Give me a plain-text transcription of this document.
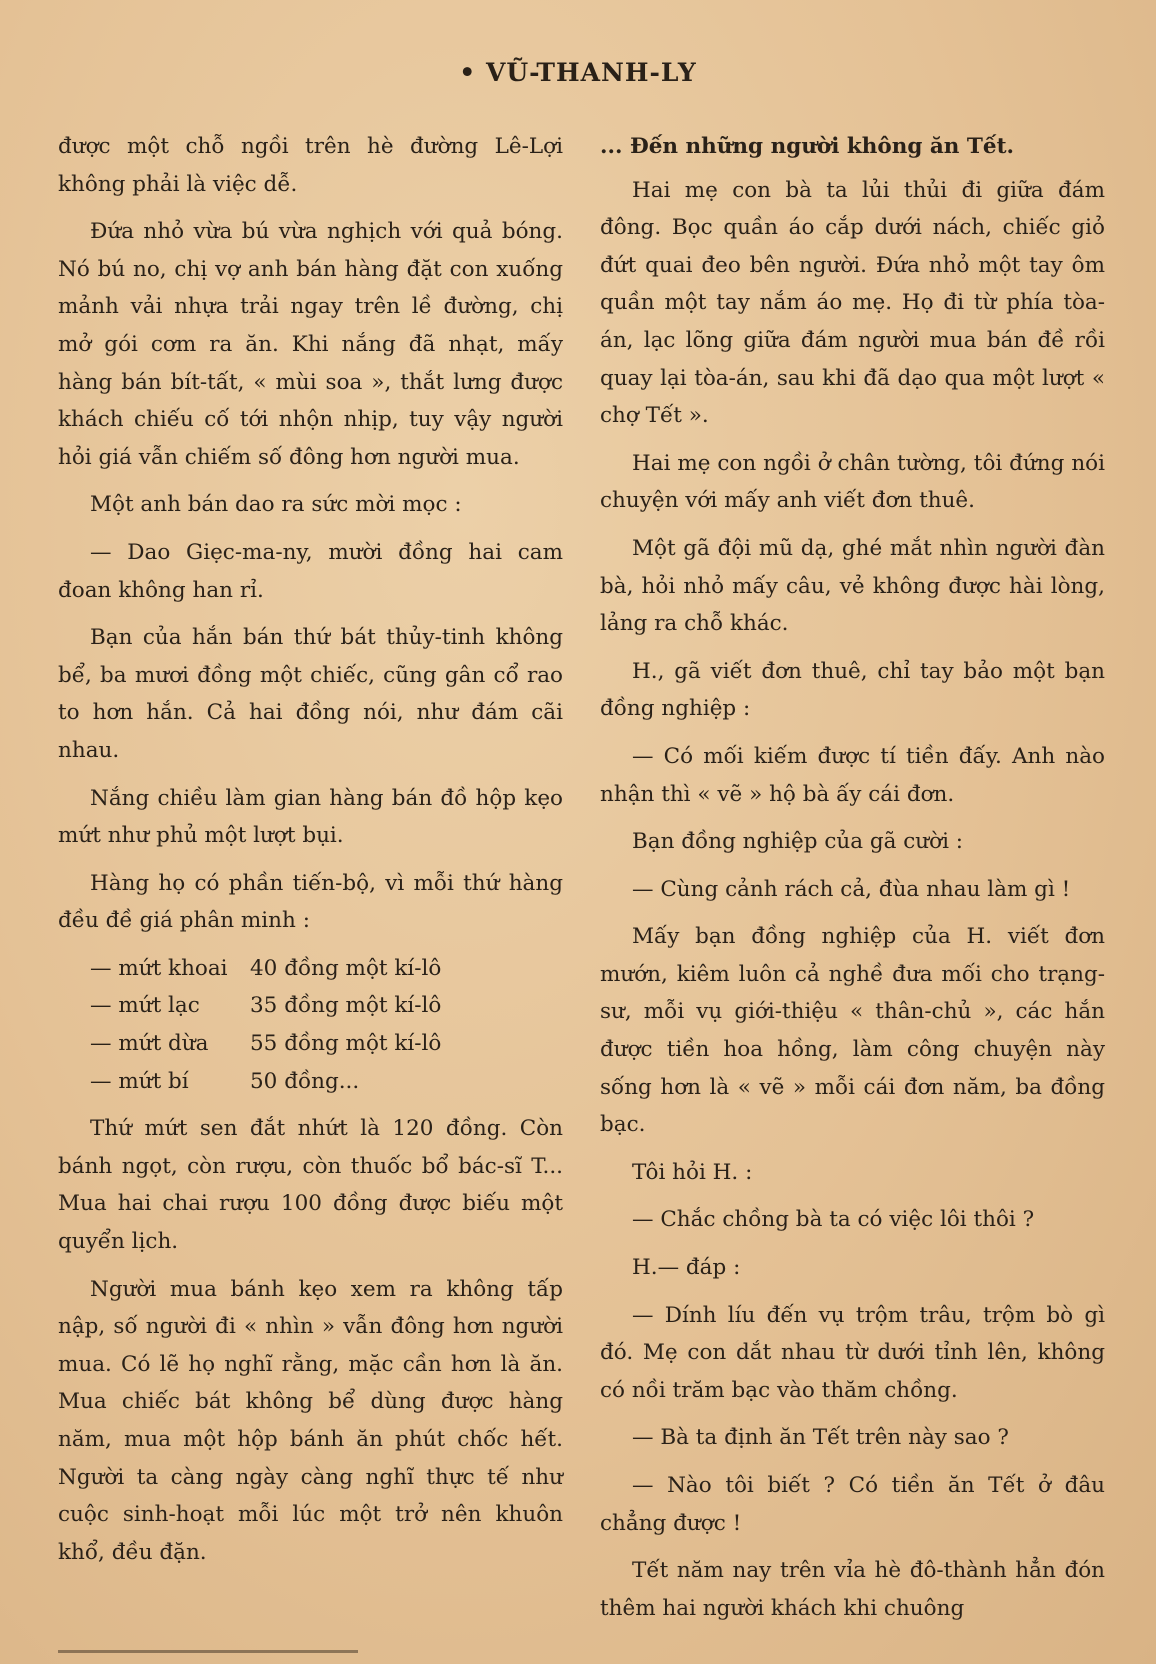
• VŨ-THANH-LY

được một chỗ ngồi trên hè đường Lê-Lợi không phải là việc dễ.

Đứa nhỏ vừa bú vừa nghịch với quả bóng. Nó bú no, chị vợ anh bán hàng đặt con xuống mảnh vải nhựa trải ngay trên lề đường, chị mở gói cơm ra ăn. Khi nắng đã nhạt, mấy hàng bán bít-tất, « mùi soa », thắt lưng được khách chiếu cố tới nhộn nhịp, tuy vậy người hỏi giá vẫn chiếm số đông hơn người mua.

Một anh bán dao ra sức mời mọc :

— Dao Giẹc-ma-ny, mười đồng hai cam đoan không han rỉ.

Bạn của hắn bán thứ bát thủy-tinh không bể, ba mươi đồng một chiếc, cũng gân cổ rao to hơn hắn. Cả hai đồng nói, như đám cãi nhau.

Nắng chiều làm gian hàng bán đồ hộp kẹo mứt như phủ một lượt bụi.

Hàng họ có phần tiến-bộ, vì mỗi thứ hàng đều đề giá phân minh :

— mứt khoai 40 đồng một kí-lô

— mứt lạc 35 đồng một kí-lô

— mứt dừa 55 đồng một kí-lô

— mứt bí	50 đồng...

Thứ mứt sen đắt nhứt là 120 đồng. Còn bánh ngọt, còn rượu, còn thuốc bổ bác-sĩ T... Mua hai chai rượu 100 đồng được biếu một quyển lịch.

Người mua bánh kẹo xem ra không tấp nập, số người đi « nhìn » vẫn đông hơn người mua. Có lẽ họ nghĩ rằng, mặc cần hơn là ăn. Mua chiếc bát không bể dùng được hàng năm, mua một hộp bánh ăn phút chốc hết. Người ta càng ngày càng nghĩ thực tế như cuộc sinh-hoạt mỗi lúc một trở nên khuôn khổ, đều đặn.

... Đến những người không ăn Tết.

Hai mẹ con bà ta lủi thủi đi giữa đám đông. Bọc quần áo cắp dưới nách, chiếc giỏ đứt quai đeo bên người. Đứa nhỏ một tay ôm quần một tay nắm áo mẹ. Họ đi từ phía tòa-án, lạc lõng giữa đám người mua bán đề rồi quay lại tòa-án, sau khi đã dạo qua một lượt « chợ Tết ».

Hai mẹ con ngồi ở chân tường, tôi đứng nói chuyện với mấy anh viết đơn thuê.

Một gã đội mũ dạ, ghé mắt nhìn người đàn bà, hỏi nhỏ mấy câu, vẻ không được hài lòng, lảng ra chỗ khác.

H., gã viết đơn thuê, chỉ tay bảo một bạn đồng nghiệp :

— Có mối kiếm được tí tiền đấy. Anh nào nhận thì « vẽ » hộ bà ấy cái đơn.

Bạn đồng nghiệp của gã cười :

— Cùng cảnh rách cả, đùa nhau làm gì !

Mấy bạn đồng nghiệp của H. viết đơn mướn, kiêm luôn cả nghề đưa mối cho trạng-sư, mỗi vụ giới-thiệu « thân-chủ », các hắn được tiền hoa hồng, làm công chuyện này sống hơn là « vẽ » mỗi cái đơn năm, ba đồng bạc.

Tôi hỏi H. :

— Chắc chồng bà ta có việc lôi thôi ?

H.— đáp :

— Dính líu đến vụ trộm trâu, trộm bò gì đó. Mẹ con dắt nhau từ dưới tỉnh lên, không có nồi trăm bạc vào thăm chồng.

— Bà ta định ăn Tết trên này sao ?

— Nào tôi biết ? Có tiền ăn Tết ở đâu chẳng được !

Tết năm nay trên vỉa hè đô-thành hẳn đón thêm hai người khách khi chuông
